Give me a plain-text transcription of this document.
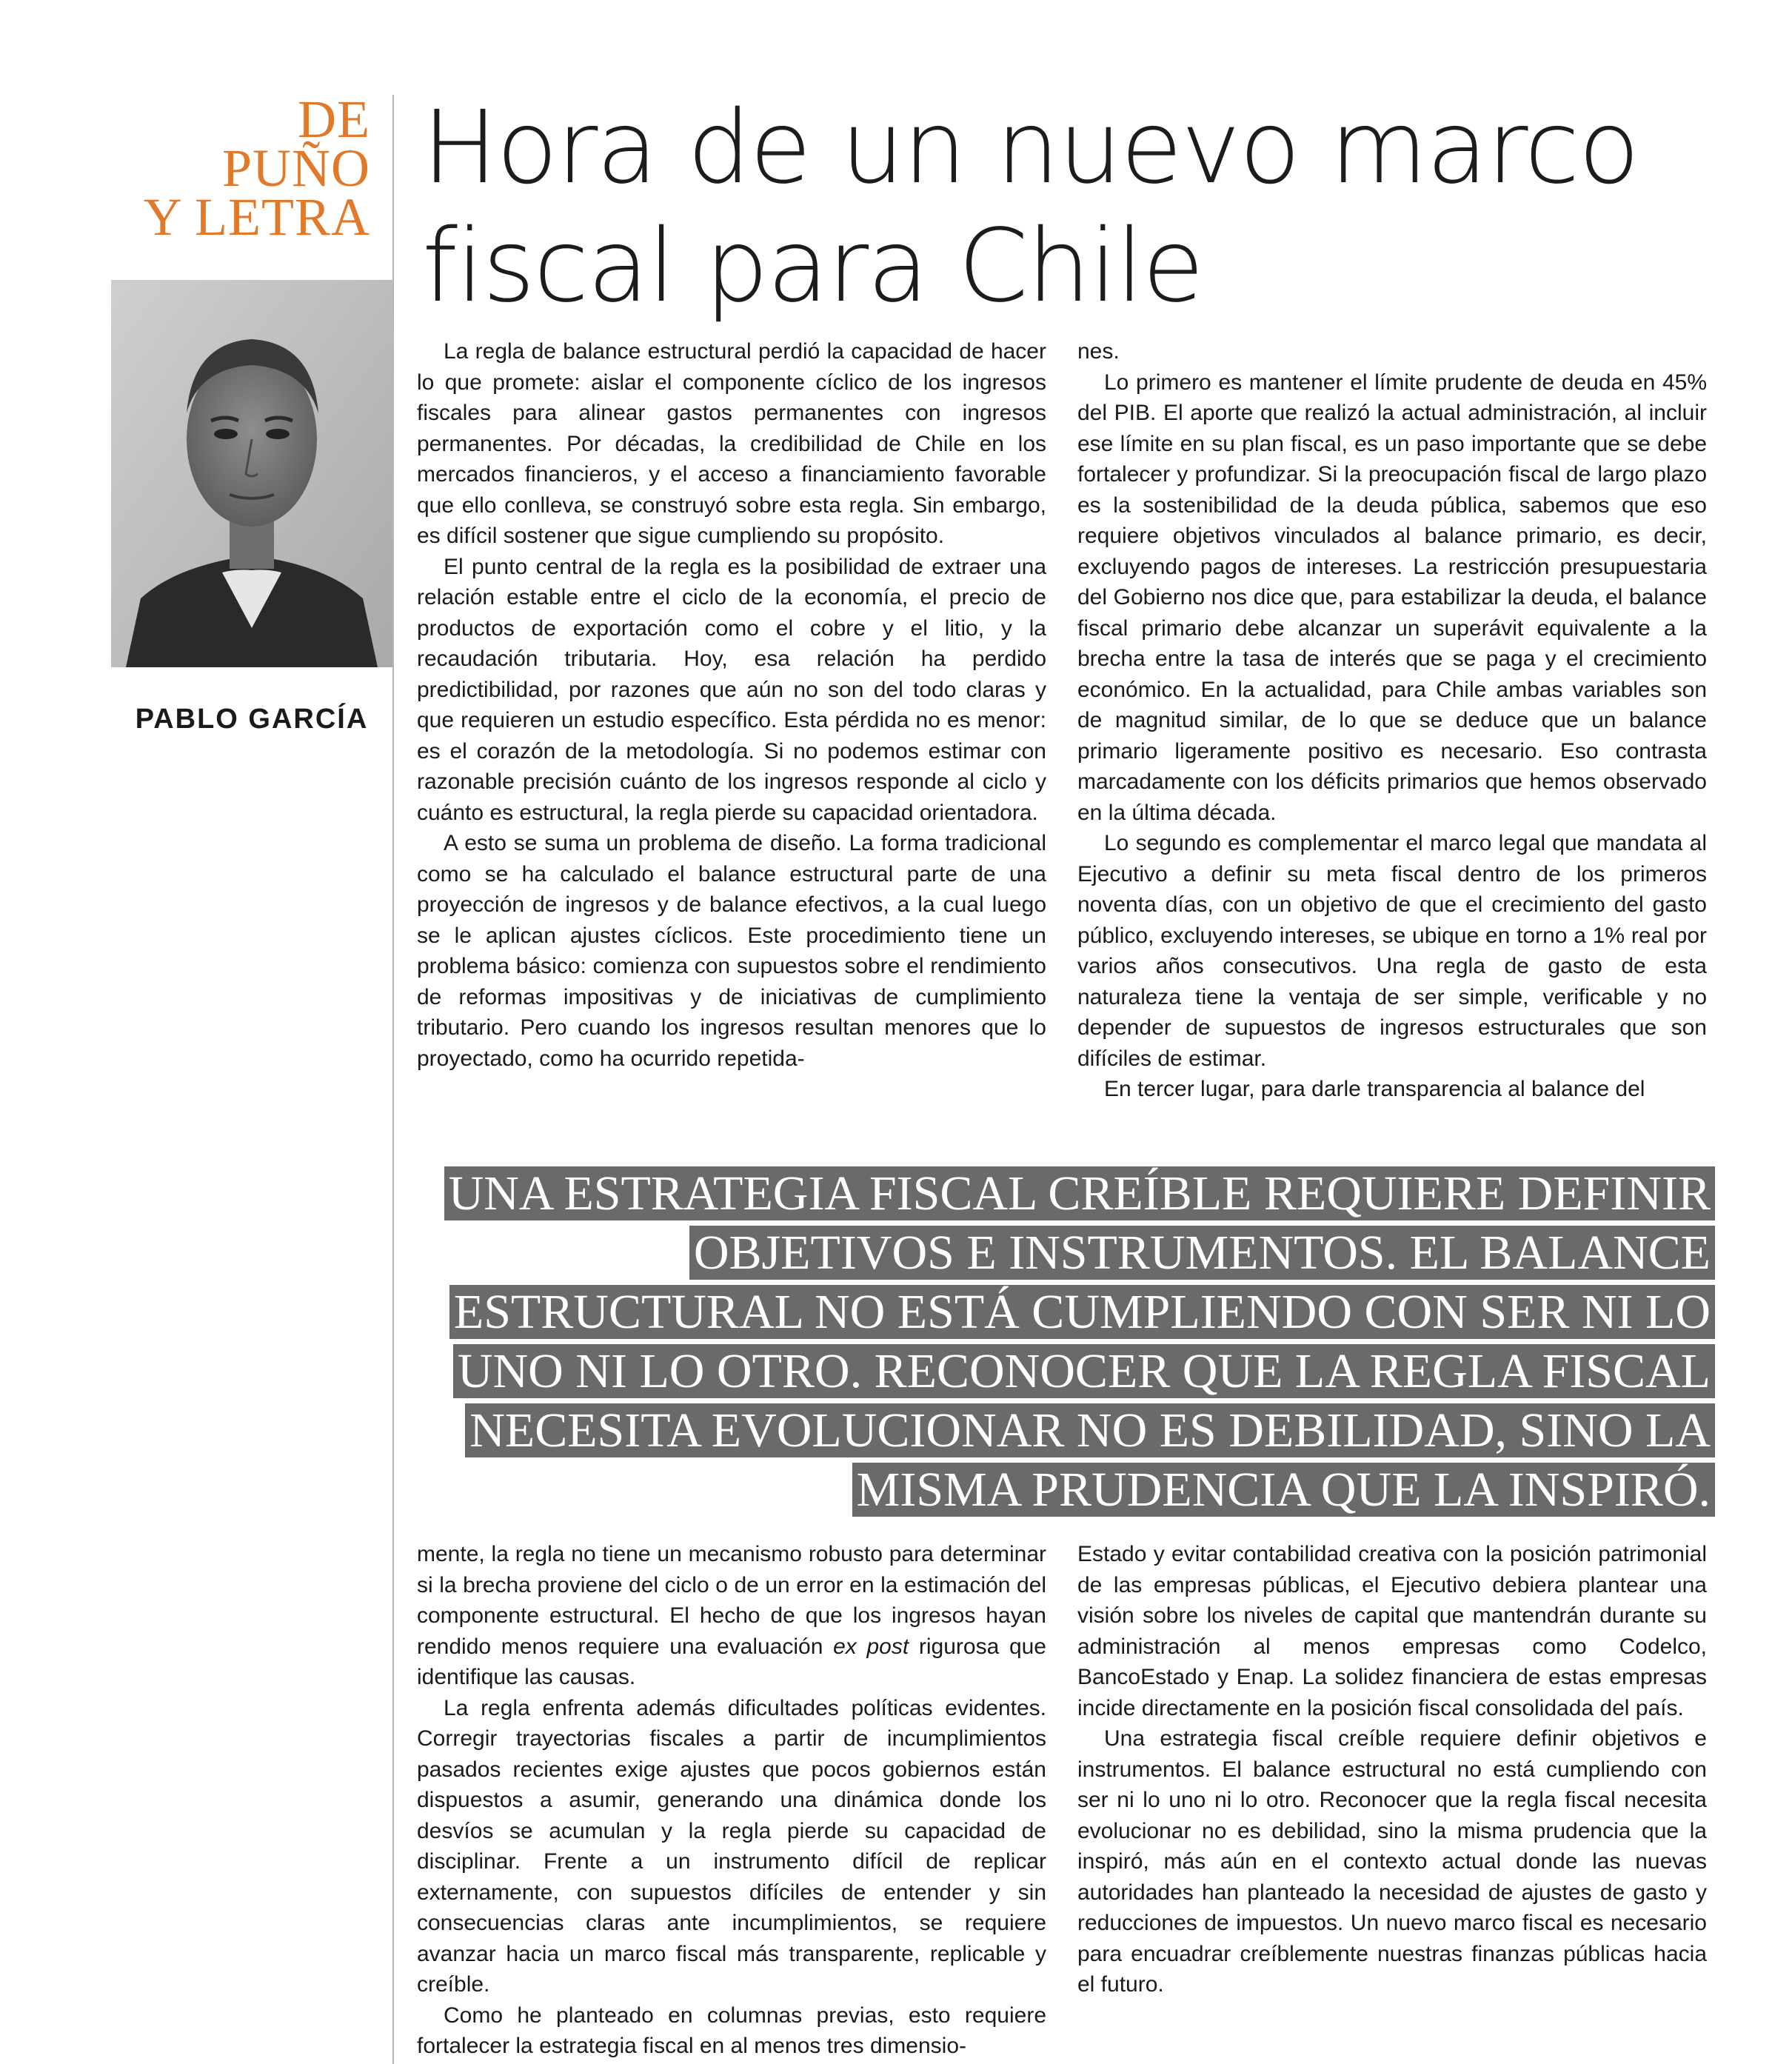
DE
PUÑO
Y LETRA
Hora de un nuevo marco
fiscal para Chile
PABLO GARCÍA

La regla de balance estructural perdió la capacidad de hacer lo que promete: aislar el componente cíclico de los ingresos fiscales para alinear gastos permanentes con ingresos permanentes. Por décadas, la credibilidad de Chile en los mercados financieros, y el acceso a financiamiento favorable que ello conlleva, se construyó sobre esta regla. Sin embargo, es difícil sostener que sigue cumpliendo su propósito.

El punto central de la regla es la posibilidad de extraer una relación estable entre el ciclo de la economía, el precio de productos de exportación como el cobre y el litio, y la recaudación tributaria. Hoy, esa relación ha perdido predictibilidad, por razones que aún no son del todo claras y que requieren un estudio específico. Esta pérdida no es menor: es el corazón de la metodología. Si no podemos estimar con razonable precisión cuánto de los ingresos responde al ciclo y cuánto es estructural, la regla pierde su capacidad orientadora.

A esto se suma un problema de diseño. La forma tradicional como se ha calculado el balance estructural parte de una proyección de ingresos y de balance efectivos, a la cual luego se le aplican ajustes cíclicos. Este procedimiento tiene un problema básico: comienza con supuestos sobre el rendimiento de reformas impositivas y de iniciativas de cumplimiento tributario. Pero cuando los ingresos resultan menores que lo proyectado, como ha ocurrido repetida-

nes.

Lo primero es mantener el límite prudente de deuda en 45% del PIB. El aporte que realizó la actual administración, al incluir ese límite en su plan fiscal, es un paso importante que se debe fortalecer y profundizar. Si la preocupación fiscal de largo plazo es la sostenibilidad de la deuda pública, sabemos que eso requiere objetivos vinculados al balance primario, es decir, excluyendo pagos de intereses. La restricción presupuestaria del Gobierno nos dice que, para estabilizar la deuda, el balance fiscal primario debe alcanzar un superávit equivalente a la brecha entre la tasa de interés que se paga y el crecimiento económico. En la actualidad, para Chile ambas variables son de magnitud similar, de lo que se deduce que un balance primario ligeramente positivo es necesario. Eso contrasta marcadamente con los déficits primarios que hemos observado en la última década.

Lo segundo es complementar el marco legal que mandata al Ejecutivo a definir su meta fiscal dentro de los primeros noventa días, con un objetivo de que el crecimiento del gasto público, excluyendo intereses, se ubique en torno a 1% real por varios años consecutivos. Una regla de gasto de esta naturaleza tiene la ventaja de ser simple, verificable y no depender de supuestos de ingresos estructurales que son difíciles de estimar.

En tercer lugar, para darle transparencia al balance del

UNA ESTRATEGIA FISCAL CREÍBLE REQUIERE DEFINIR OBJETIVOS E INSTRUMENTOS. EL BALANCE ESTRUCTURAL NO ESTÁ CUMPLIENDO CON SER NI LO UNO NI LO OTRO. RECONOCER QUE LA REGLA FISCAL NECESITA EVOLUCIONAR NO ES DEBILIDAD, SINO LA MISMA PRUDENCIA QUE LA INSPIRÓ.

mente, la regla no tiene un mecanismo robusto para determinar si la brecha proviene del ciclo o de un error en la estimación del componente estructural. El hecho de que los ingresos hayan rendido menos requiere una evaluación ex post rigurosa que identifique las causas.

La regla enfrenta además dificultades políticas evidentes. Corregir trayectorias fiscales a partir de incumplimientos pasados recientes exige ajustes que pocos gobiernos están dispuestos a asumir, generando una dinámica donde los desvíos se acumulan y la regla pierde su capacidad de disciplinar. Frente a un instrumento difícil de replicar externamente, con supuestos difíciles de entender y sin consecuencias claras ante incumplimientos, se requiere avanzar hacia un marco fiscal más transparente, replicable y creíble.

Como he planteado en columnas previas, esto requiere fortalecer la estrategia fiscal en al menos tres dimensio-

Estado y evitar contabilidad creativa con la posición patrimonial de las empresas públicas, el Ejecutivo debiera plantear una visión sobre los niveles de capital que mantendrán durante su administración al menos empresas como Codelco, BancoEstado y Enap. La solidez financiera de estas empresas incide directamente en la posición fiscal consolidada del país.

Una estrategia fiscal creíble requiere definir objetivos e instrumentos. El balance estructural no está cumpliendo con ser ni lo uno ni lo otro. Reconocer que la regla fiscal necesita evolucionar no es debilidad, sino la misma prudencia que la inspiró, más aún en el contexto actual donde las nuevas autoridades han planteado la necesidad de ajustes de gasto y reducciones de impuestos. Un nuevo marco fiscal es necesario para encuadrar creíblemente nuestras finanzas públicas hacia el futuro.
